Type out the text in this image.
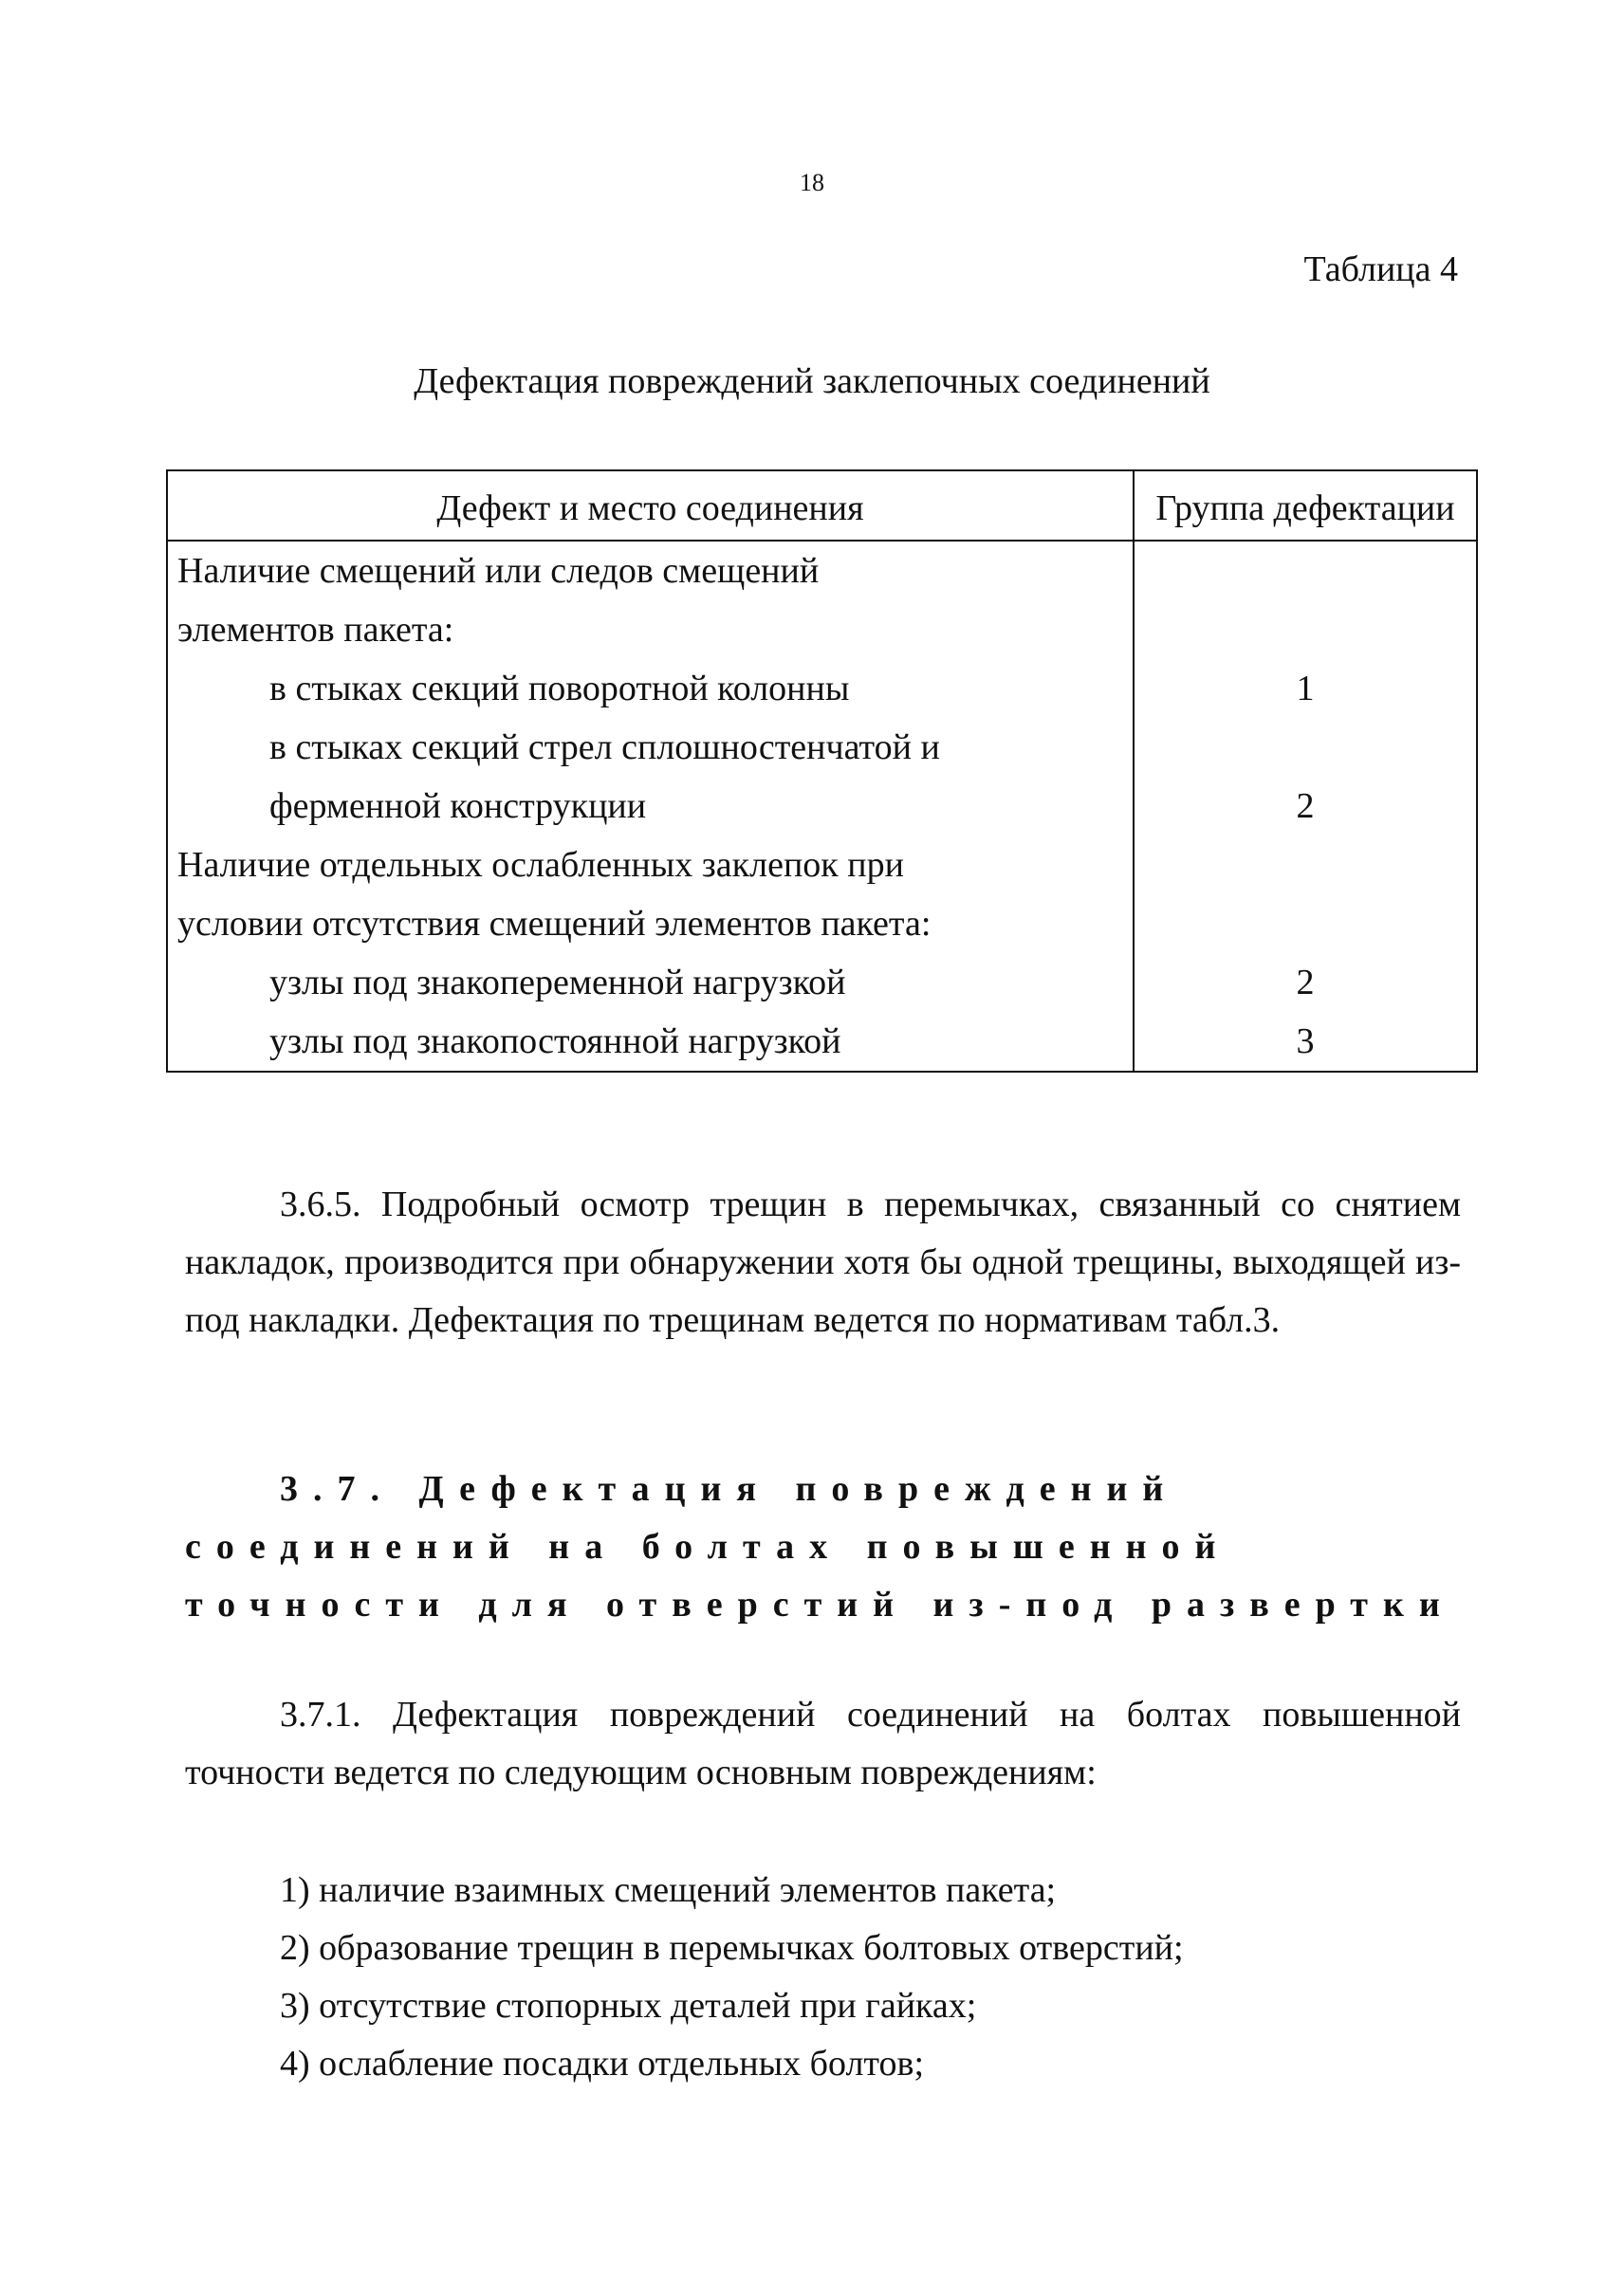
18
Таблица 4
Дефектация повреждений заклепочных соединений
Дефект и место соединения	Группа дефектации
Наличие смещений или следов смещений	
элементов пакета:	
в стыках секций поворотной колонны	1
в стыках секций стрел сплошностенчатой и	
ферменной конструкции	2
Наличие отдельных ослабленных заклепок при	
условии отсутствия смещений элементов пакета:	
узлы под знакопеременной нагрузкой	2
узлы под знакопостоянной нагрузкой	3
3.6.5. Подробный осмотр трещин в перемычках, связанный со снятием накладок, производится при обнаружении хотя бы одной трещины, выходящей из-под накладки. Дефектация по трещинам ведется по нормативам табл.3.
3.7. Дефектация повреждений соединений на болтах повышенной точности для отверстий из-под развертки
3.7.1. Дефектация повреждений соединений на болтах повышенной точности ведется по следующим основным повреждениям:
1) наличие взаимных смещений элементов пакета;
2) образование трещин в перемычках болтовых отверстий;
3) отсутствие стопорных деталей при гайках;
4) ослабление посадки отдельных болтов;
